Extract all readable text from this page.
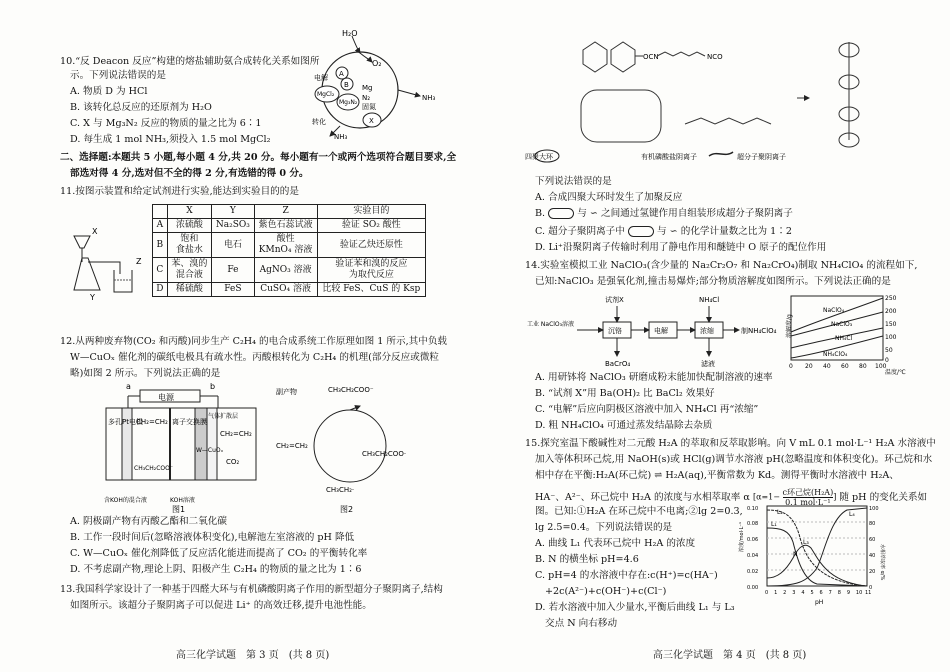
10.“反 Deacon 反应”构建的熔盐辅助氨合成转化关系如图所
示。下列说法错误的是
A. 物质 D 为 HCl
B. 该转化总反应的还原剂为 H₂O
C. X 与 Mg₃N₂ 反应的物质的量之比为 6∶1
D. 每生成 1 mol NH₃,须投入 1.5 mol MgCl₂
H₂O
O₂
电解 A
B
MgCl₂
Mg
N₂
固氮
Mg₃N₂
X
NH₃
转化
NH₃
二、选择题:本题共 5 小题,每小题 4 分,共 20 分。每小题有一个或两个选项符合题目要求,全
部选对得 4 分,选对但不全的得 2 分,有选错的得 0 分。
11.按图示装置和给定试剂进行实验,能达到实验目的的是
X
Z
Y
	X	Y	Z	实验目的
A	浓硫酸	Na₂SO₃	紫色石蕊试液	验证 SO₂ 酸性
B	饱和
食盐水	电石	酸性
KMnO₄ 溶液	验证乙炔还原性
C	苯、溴的
混合液	Fe	AgNO₃ 溶液	验证苯和溴的反应
为取代反应
D	稀硫酸	FeS	CuSO₄ 溶液	比较 FeS、CuS 的 Ksp
12.从两种废弃物(CO₂ 和丙酸)同步生产 C₂H₄ 的电合成系统工作原理如图 1 所示,其中负载
W—CuOₓ 催化剂的碳纸电极具有疏水性。丙酸根转化为 C₂H₄ 的机理(部分反应或微粒
略)如图 2 所示。下列说法正确的是
a	b
电源
含KOH的混合液	KOH溶液
CH₂=CH₂
CH₂=CH₂
CH₃CH₂COO⁻
CO₂
多孔Pt电极	离子交换膜
W—CuOₓ
气体扩散层
图1
副产物	CH₃CH₂COO⁻
CH₂=CH₂
CH₃CH₂COO·
CH₃CH₂·
图2
A. 阴极副产物有丙酸乙酯和二氧化碳
B. 工作一段时间后(忽略溶液体积变化),电解池左室溶液的 pH 降低
C. W—CuOₓ 催化剂降低了反应活化能进而提高了 CO₂ 的平衡转化率
D. 不考虑副产物,理论上阴、阳极产生 C₂H₄ 的物质的量之比为 1∶6
13.我国科学家设计了一种基于四醛大环与有机磷酸阴离子作用的新型超分子聚阴离子,结构
如图所示。该超分子聚阴离子可以促进 Li⁺ 的高效迁移,提升电池性能。
高三化学试题　第 3 页　(共 8 页)
OCN	NCO
四聚大环	有机磷酸盐阴离子	超分子聚阴离子
下列说法错误的是
A. 合成四聚大环时发生了加聚反应
B.	与 ∽ 之间通过氢键作用自组装形成超分子聚阴离子
C. 超分子聚阴离子中	与 ∽ 的化学计量数之比为 1∶2
D. Li⁺沿聚阴离子传输时利用了静电作用和醚链中 O 原子的配位作用
14.实验室模拟工业 NaClO₃(含少量的 Na₂Cr₂O₇ 和 Na₂CrO₄)制取 NH₄ClO₄ 的流程如下,
已知:NaClO₃ 是强氧化剂,撞击易爆炸;部分物质溶解度如图所示。下列说法正确的是
试剂X	NH₄Cl
工业 NaClO₃溶液
沉铬	电解	浓缩	制NH₄ClO₄
BaCrO₄	滤液
NaClO₄
NaClO₃
NH₄Cl
NH₄ClO₄
250
200
150
100
50
0
溶解度/g
0 20 40 60 80 100
温度/℃
A. 用研钵将 NaClO₃ 研磨成粉末能加快配制溶液的速率
B. “试剂 X”用 Ba(OH)₂ 比 BaCl₂ 效果好
C. “电解”后应向阴极区溶液中加入 NH₄Cl 再“浓缩”
D. 粗 NH₄ClO₄ 可通过蒸发结晶除去杂质
15.探究室温下酸碱性对二元酸 H₂A 的萃取和反萃取影响。向 V mL 0.1 mol·L⁻¹ H₂A 水溶液中
加入等体积环己烷,用 NaOH(s)或 HCl(g)调节水溶液 pH(忽略温度和体积变化)。环己烷和水
相中存在平衡:H₂A(环己烷) ⇌ H₂A(aq),平衡常数为 Kd。测得平衡时水溶液中 H₂A、
HA⁻、A²⁻、环己烷中 H₂A 的浓度与水相萃取率 α [α=1− c环己烷(H₂A)
0.1 mol·L⁻¹
] 随 pH 的变化关系如
图。已知:①H₂A 在环己烷中不电离;②lg 2=0.3,
lg 2.5=0.4。下列说法错误的是
A. 曲线 L₁ 代表环己烷中 H₂A 的浓度
B. N 的横坐标 pH=4.6
C. pH=4 的水溶液中存在:c(H⁺)=c(HA⁻)
+2c(A²⁻)+c(OH⁻)+c(Cl⁻)
D. 若水溶液中加入少量水,平衡后曲线 L₁ 与 L₃
交点 N 向右移动
L₁
L₂
L₃
L₄
N
0.10
0.08
0.06
0.04
0.02
0.00
100
80
60
40
20
0
浓度/mol·L⁻¹
水相萃取率 α/%
0 1 2 3 4 5 6 7 8 9 10 11
pH
高三化学试题　第 4 页　(共 8 页)
